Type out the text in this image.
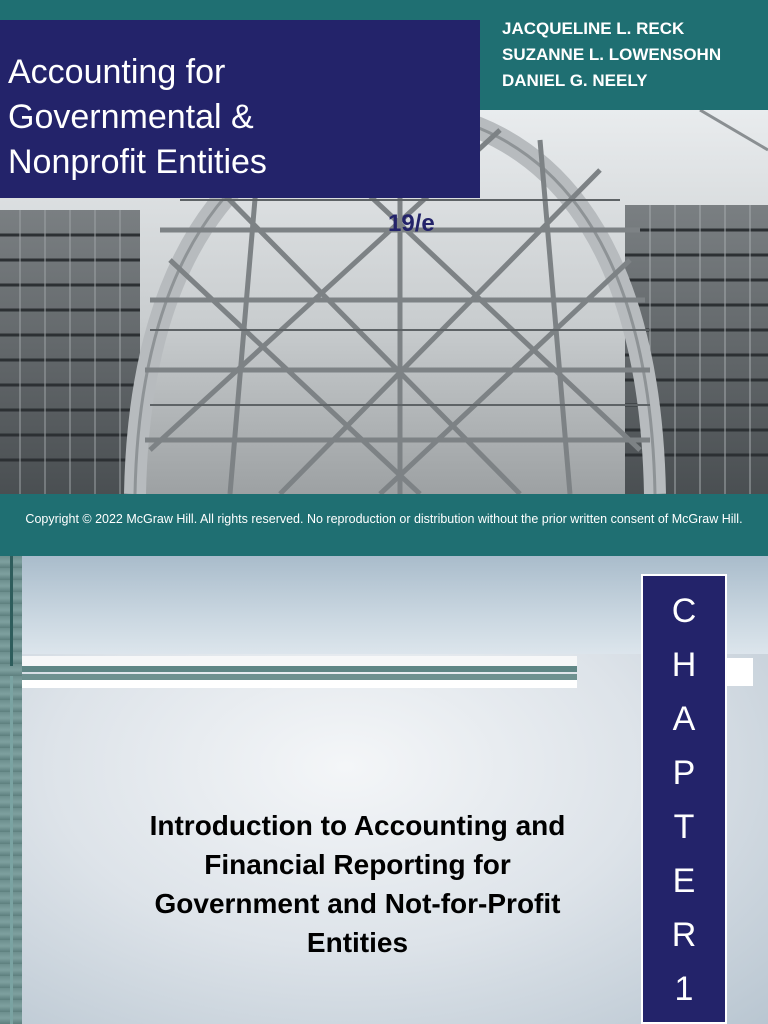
Accounting for
Governmental &
Nonprofit Entities
JACQUELINE L. RECK
SUZANNE L. LOWENSOHN
DANIEL G. NEELY
19/e
Copyright © 2022 McGraw Hill. All rights reserved. No reproduction or distribution without the prior written consent of McGraw Hill.
C
H
A
P
T
E
R
1
Introduction to Accounting and Financial Reporting for Government and Not-for-Profit Entities
